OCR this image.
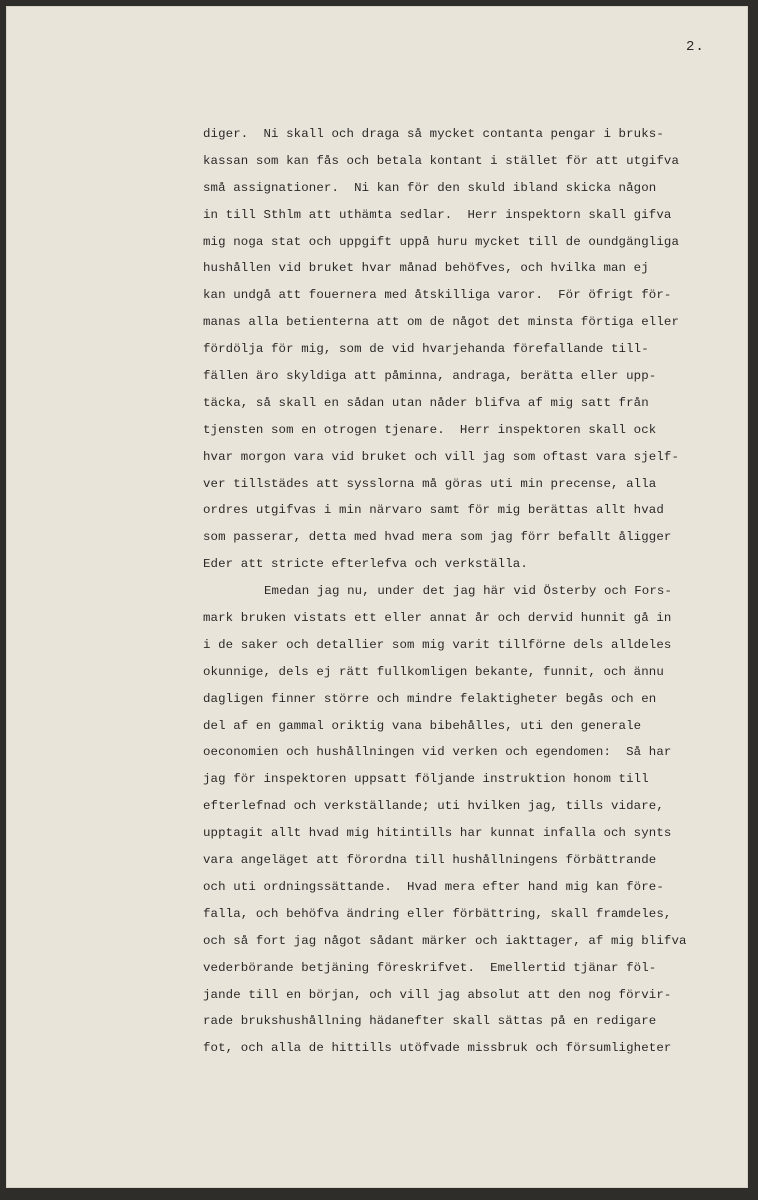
2.
diger.  Ni skall och draga så mycket contanta pengar i bruks-
kassan som kan fås och betala kontant i stället för att utgifva
små assignationer.  Ni kan för den skuld ibland skicka någon
in till Sthlm att uthämta sedlar.  Herr inspektorn skall gifva
mig noga stat och uppgift uppå huru mycket till de oundgängliga
hushållen vid bruket hvar månad behöfves, och hvilka man ej
kan undgå att fouernera med åtskilliga varor.  För öfrigt för-
manas alla betienterna att om de något det minsta förtiga eller
fördölja för mig, som de vid hvarjehanda förefallande till-
fällen äro skyldiga att påminna, andraga, berätta eller upp-
täcka, så skall en sådan utan nåder blifva af mig satt från
tjensten som en otrogen tjenare.  Herr inspektoren skall ock
hvar morgon vara vid bruket och vill jag som oftast vara sjelf-
ver tillstädes att sysslorna må göras uti min precense, alla
ordres utgifvas i min närvaro samt för mig berättas allt hvad
som passerar, detta med hvad mera som jag förr befallt åligger
Eder att stricte efterlefva och verkställa.
Emedan jag nu, under det jag här vid Österby och Fors-
mark bruken vistats ett eller annat år och dervid hunnit gå in
i de saker och detallier som mig varit tillförne dels alldeles
okunnige, dels ej rätt fullkomligen bekante, funnit, och ännu
dagligen finner större och mindre felaktigheter begås och en
del af en gammal oriktig vana bibehålles, uti den generale
oeconomien och hushållningen vid verken och egendomen:  Så har
jag för inspektoren uppsatt följande instruktion honom till
efterlefnad och verkställande; uti hvilken jag, tills vidare,
upptagit allt hvad mig hitintills har kunnat infalla och synts
vara angeläget att förordna till hushållningens förbättrande
och uti ordningssättande.  Hvad mera efter hand mig kan före-
falla, och behöfva ändring eller förbättring, skall framdeles,
och så fort jag något sådant märker och iakttager, af mig blifva
vederbörande betjäning föreskrifvet.  Emellertid tjänar föl-
jande till en början, och vill jag absolut att den nog förvir-
rade brukshushållning hädanefter skall sättas på en redigare
fot, och alla de hittills utöfvade missbruk och försumligheter
